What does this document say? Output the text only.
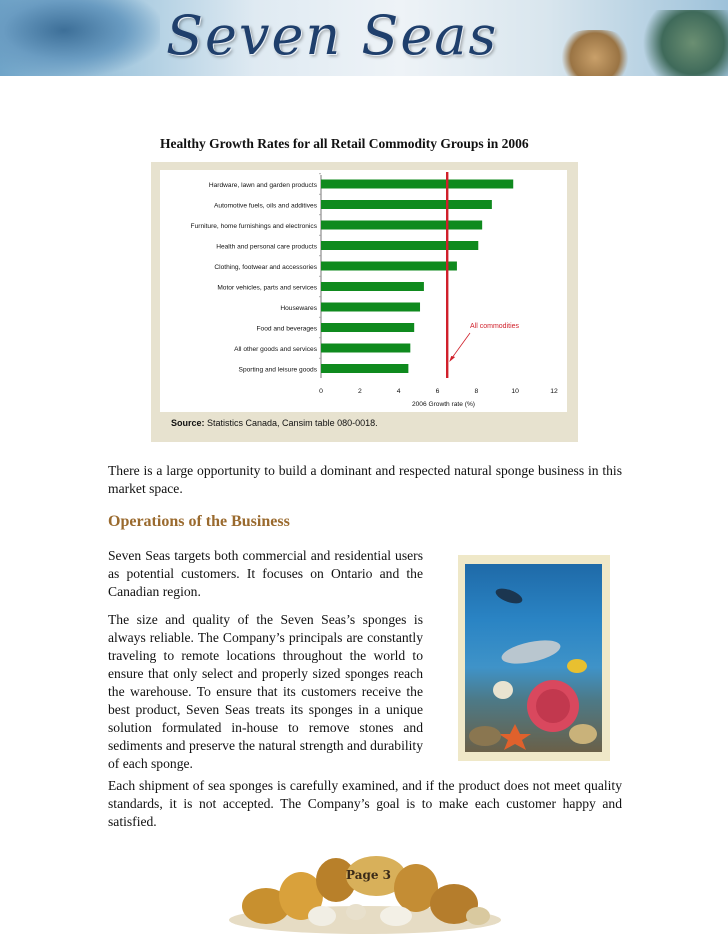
Seven Seas
Healthy Growth Rates for all Retail Commodity Groups in 2006
Hardware, lawn and garden products
Automotive fuels, oils and additives
Furniture, home furnishings and electronics
Health and personal care products
Clothing, footwear and accessories
Motor vehicles, parts and services
Housewares
Food and beverages
All other goods and services
Sporting and leisure goods
All commodities
0	2	4	6	8	10	12
2006 Growth rate (%)
Source: Statistics Canada, Cansim table 080-0018.

There is a large opportunity to build a dominant and respected natural sponge business in this market space.

Operations of the Business

Seven Seas targets both commercial and residential users as potential customers. It focuses on Ontario and the Canadian region.

The size and quality of the Seven Seas’s sponges is always reliable. The Company’s principals are constantly traveling to remote locations throughout the world to ensure that only select and properly sized sponges reach the warehouse. To ensure that its customers receive the best product, Seven Seas treats its sponges in a unique solution formulated in-house to remove stones and sediments and preserve the natural strength and durability of each sponge.

Each shipment of sea sponges is carefully examined, and if the product does not meet quality standards, it is not accepted. The Company’s goal is to make each customer happy and satisfied.

Page 3
